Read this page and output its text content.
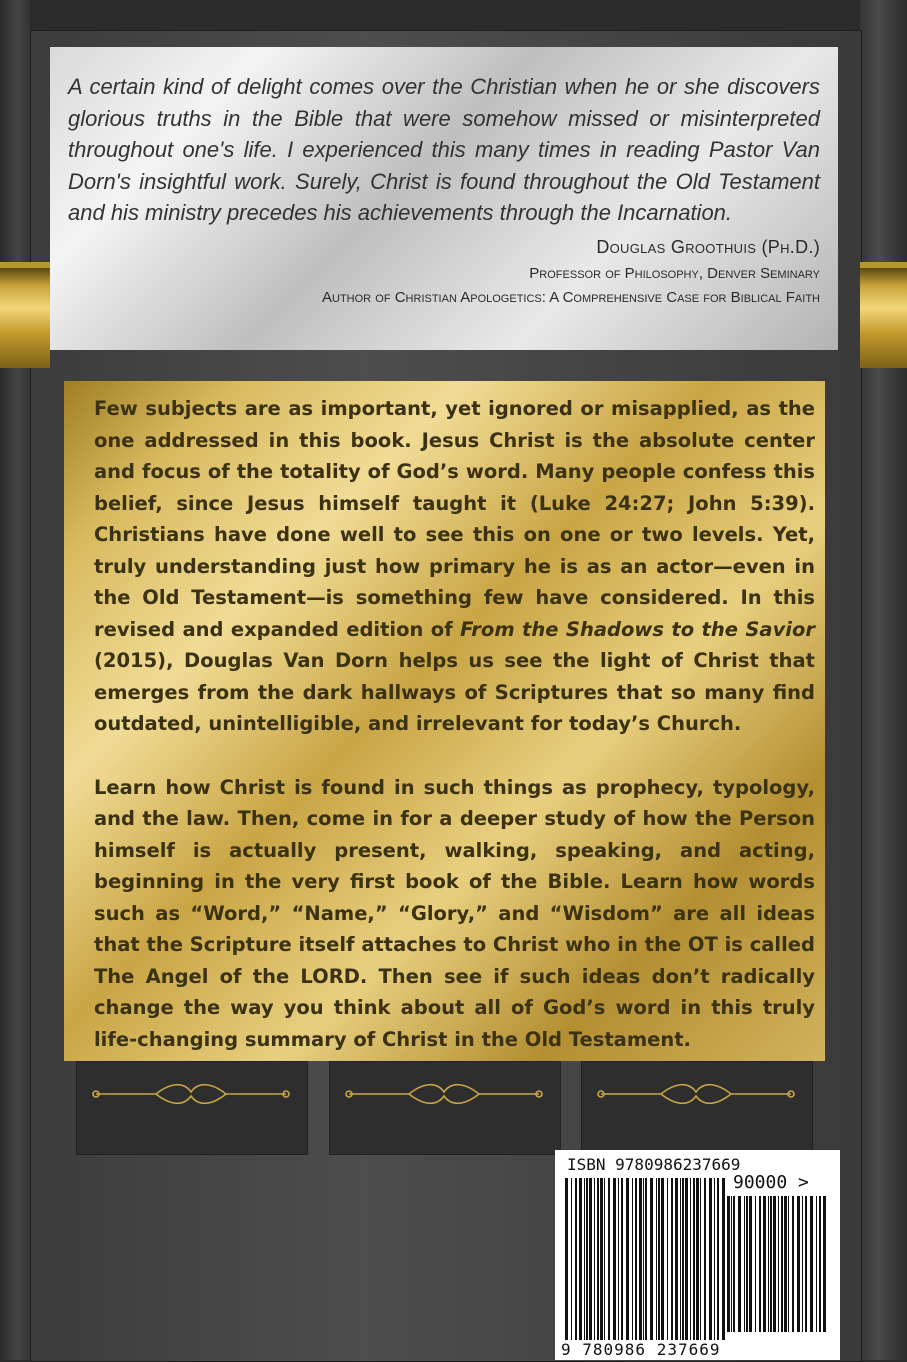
A certain kind of delight comes over the Christian when he or she discovers glorious truths in the Bible that were somehow missed or misinterpreted throughout one's life. I experienced this many times in reading Pastor Van Dorn's insightful work. Surely, Christ is found throughout the Old Testament and his ministry precedes his achievements through the Incarnation.

Douglas Groothuis (Ph.D.)
Professor of Philosophy, Denver Seminary
Author of Christian Apologetics: A Comprehensive Case for Biblical Faith

Few subjects are as important, yet ignored or misapplied, as the one addressed in this book. Jesus Christ is the absolute center and focus of the totality of God’s word. Many people confess this belief, since Jesus himself taught it (Luke 24:27; John 5:39). Christians have done well to see this on one or two levels. Yet, truly understanding just how primary he is as an actor—even in the Old Testament—is something few have considered. In this revised and expanded edition of From the Shadows to the Savior (2015), Douglas Van Dorn helps us see the light of Christ that emerges from the dark hallways of Scriptures that so many find outdated, unintelligible, and irrelevant for today’s Church.

Learn how Christ is found in such things as prophecy, typology, and the law. Then, come in for a deeper study of how the Person himself is actually present, walking, speaking, and acting, beginning in the very first book of the Bible. Learn how words such as “Word,” “Name,” “Glory,” and “Wisdom” are all ideas that the Scripture itself attaches to Christ who in the OT is called The Angel of the LORD. Then see if such ideas don’t radically change the way you think about all of God’s word in this truly life-changing summary of Christ in the Old Testament.

ISBN 9780986237669
90000 >
9 780986 237669
